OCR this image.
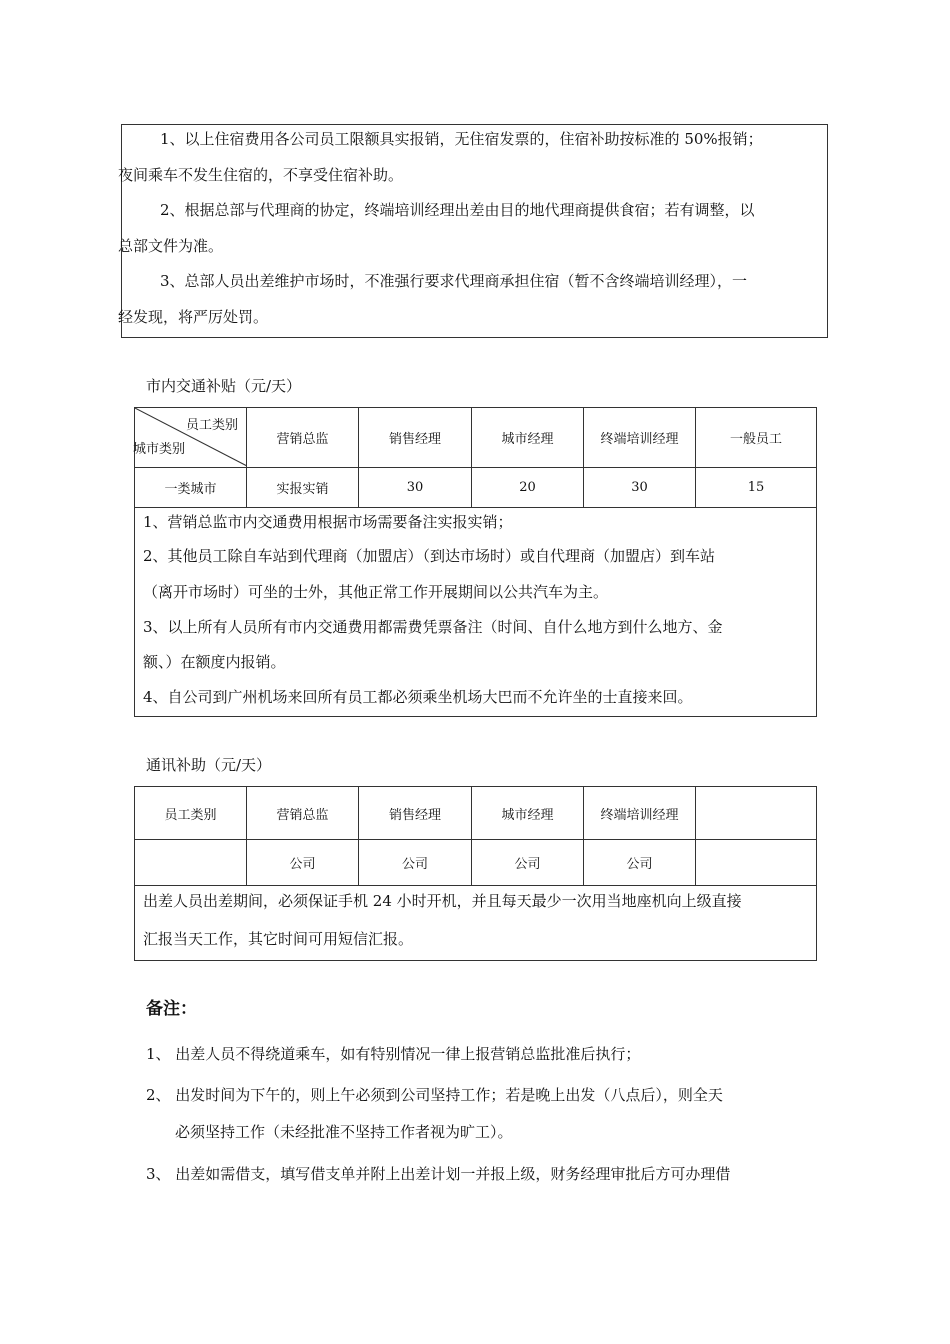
1、以上住宿费用各公司员工限额具实报销，无住宿发票的，住宿补助按标准的 50%报销；
夜间乘车不发生住宿的，不享受住宿补助。
2、根据总部与代理商的协定，终端培训经理出差由目的地代理商提供食宿；若有调整，以
总部文件为准。
3、总部人员出差维护市场时，不准强行要求代理商承担住宿（暂不含终端培训经理），一
经发现，将严厉处罚。
市内交通补贴（元/天）
员工类别
城市类别	营销总监	销售经理	城市经理	终端培训经理	一般员工
一类城市	实报实销	30	20	30	15

1、营销总监市内交通费用根据市场需要备注实报实销；
2、其他员工除自车站到代理商（加盟店）（到达市场时）或自代理商（加盟店）到车站
（离开市场时）可坐的士外，其他正常工作开展期间以公共汽车为主。
3、以上所有人员所有市内交通费用都需费凭票备注（时间、自什么地方到什么地方、金
额、）在额度内报销。
4、自公司到广州机场来回所有员工都必须乘坐机场大巴而不允许坐的士直接来回。
通讯补助（元/天）
员工类别	营销总监	销售经理	城市经理	终端培训经理	
	公司	公司	公司	公司	

出差人员出差期间，必须保证手机 24 小时开机，并且每天最少一次用当地座机向上级直接
汇报当天工作，其它时间可用短信汇报。
备注：
1、 出差人员不得绕道乘车，如有特别情况一律上报营销总监批准后执行；
2、 出发时间为下午的，则上午必须到公司坚持工作；若是晚上出发（八点后），则全天
必须坚持工作（未经批准不坚持工作者视为旷工）。
3、 出差如需借支，填写借支单并附上出差计划一并报上级，财务经理审批后方可办理借
